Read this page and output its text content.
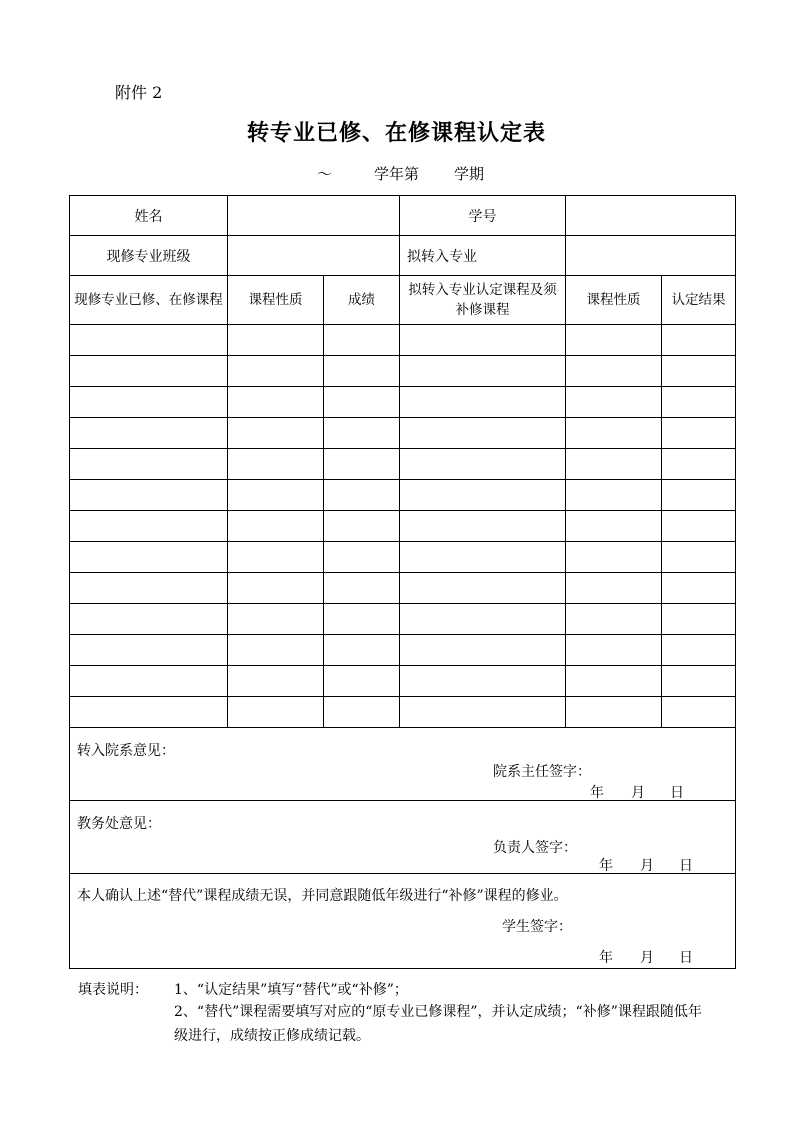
附件 2
转专业已修、在修课程认定表
～	学年第 学期
姓名			学号		
现修专业班级			拟转入专业		
现修专业已修、在修课程	课程性质	成绩	拟转入专业认定课程及须补修课程	课程性质	认定结果

转入院系意见：
院系主任签字：
年 月 日					

教务处意见：
负责人签字：
年 月 日					

本人确认上述“替代”课程成绩无误，并同意跟随低年级进行“补修”课程的修业。
学生签字：
年 月 日					
填表说明： 1、“认定结果”填写“替代”或“补修”；
2、“替代”课程需要填写对应的“原专业已修课程”，并认定成绩；“补修”课程跟随低年级进行，成绩按正修成绩记载。
